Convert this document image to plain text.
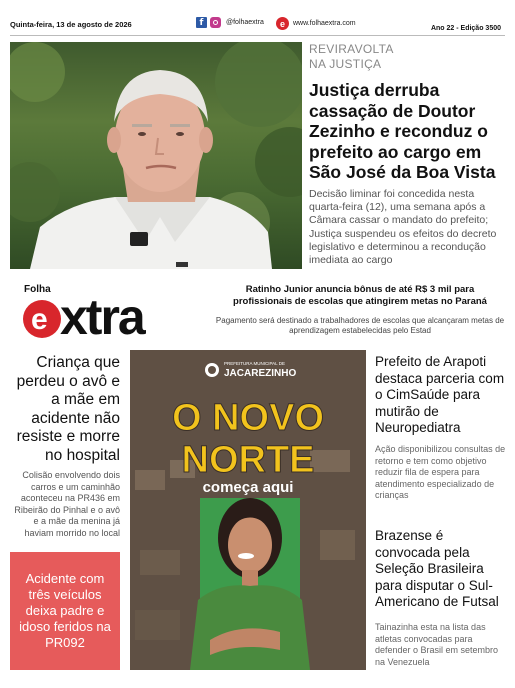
Quinta-feira, 13 de agosto de 2026	f	@folhaextra	e	www.folhaextra.com
Ano 22 - Edição 3500
REVIRAVOLTA
NA JUSTIÇA
Justiça derruba cassação de Doutor Zezinho e reconduz o prefeito ao cargo em São José da Boa Vista
Decisão liminar foi concedida nesta quarta-feira (12), uma semana após a Câmara cassar o mandato do prefeito; Justiça suspendeu os efeitos do decreto legislativo e determinou a recondução imediata ao cargo
Folha
e xtra	Ratinho Junior anuncia bônus de até R$ 3 mil para profissionais de escolas que atingirem metas no Paraná
Pagamento será destinado a trabalhadores de escolas que alcançaram metas de aprendizagem estabelecidas pelo Estad
Criança que perdeu o avô e a mãe em acidente não resiste e morre no hospital
Colisão envolvendo dois carros e um caminhão aconteceu na PR436 em Ribeirão do Pinhal e o avô e a mãe da menina já haviam morrido no local
Acidente com três veículos deixa padre e idoso feridos na PR092
PREFEITURA MUNICIPAL DE
JACAREZINHO
O NOVO
NORTE
começa aqui
Prefeito de Arapoti destaca parceria com o CimSaúde para mutirão de Neuropediatra
Ação disponibilizou consultas de retorno e tem como objetivo reduzir fila de espera para atendimento especializado de crianças
Brazense é convocada pela Seleção Brasileira para disputar o Sul-Americano de Futsal
Tainazinha esta na lista das atletas convocadas para defender o Brasil em setembro na Venezuela
